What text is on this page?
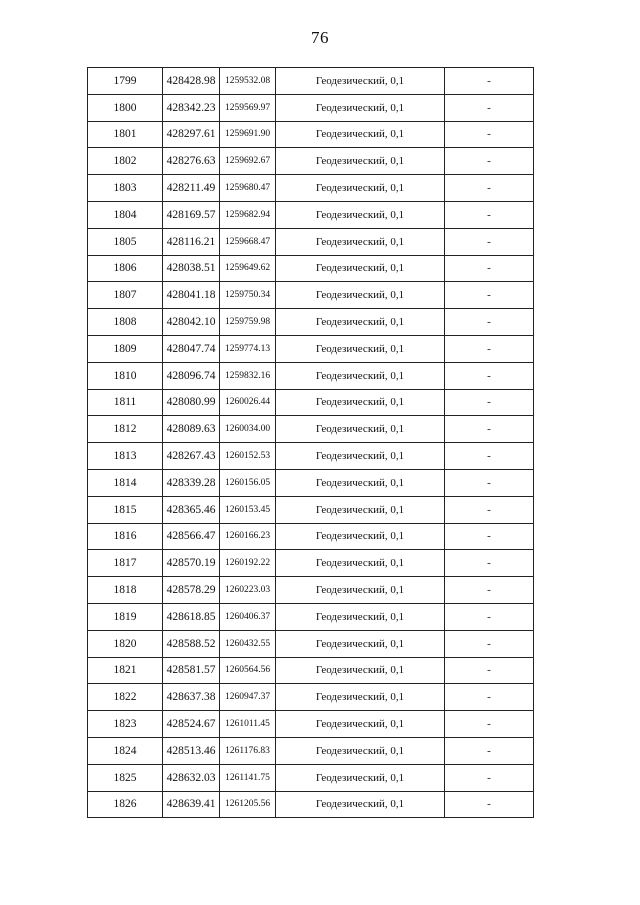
76
1799	428428.98	1259532.08	Геодезический, 0,1	-
1800	428342.23	1259569.97	Геодезический, 0,1	-
1801	428297.61	1259691.90	Геодезический, 0,1	-
1802	428276.63	1259692.67	Геодезический, 0,1	-
1803	428211.49	1259680.47	Геодезический, 0,1	-
1804	428169.57	1259682.94	Геодезический, 0,1	-
1805	428116.21	1259668.47	Геодезический, 0,1	-
1806	428038.51	1259649.62	Геодезический, 0,1	-
1807	428041.18	1259750.34	Геодезический, 0,1	-
1808	428042.10	1259759.98	Геодезический, 0,1	-
1809	428047.74	1259774.13	Геодезический, 0,1	-
1810	428096.74	1259832.16	Геодезический, 0,1	-
1811	428080.99	1260026.44	Геодезический, 0,1	-
1812	428089.63	1260034.00	Геодезический, 0,1	-
1813	428267.43	1260152.53	Геодезический, 0,1	-
1814	428339.28	1260156.05	Геодезический, 0,1	-
1815	428365.46	1260153.45	Геодезический, 0,1	-
1816	428566.47	1260166.23	Геодезический, 0,1	-
1817	428570.19	1260192.22	Геодезический, 0,1	-
1818	428578.29	1260223.03	Геодезический, 0,1	-
1819	428618.85	1260406.37	Геодезический, 0,1	-
1820	428588.52	1260432.55	Геодезический, 0,1	-
1821	428581.57	1260564.56	Геодезический, 0,1	-
1822	428637.38	1260947.37	Геодезический, 0,1	-
1823	428524.67	1261011.45	Геодезический, 0,1	-
1824	428513.46	1261176.83	Геодезический, 0,1	-
1825	428632.03	1261141.75	Геодезический, 0,1	-
1826	428639.41	1261205.56	Геодезический, 0,1	-
